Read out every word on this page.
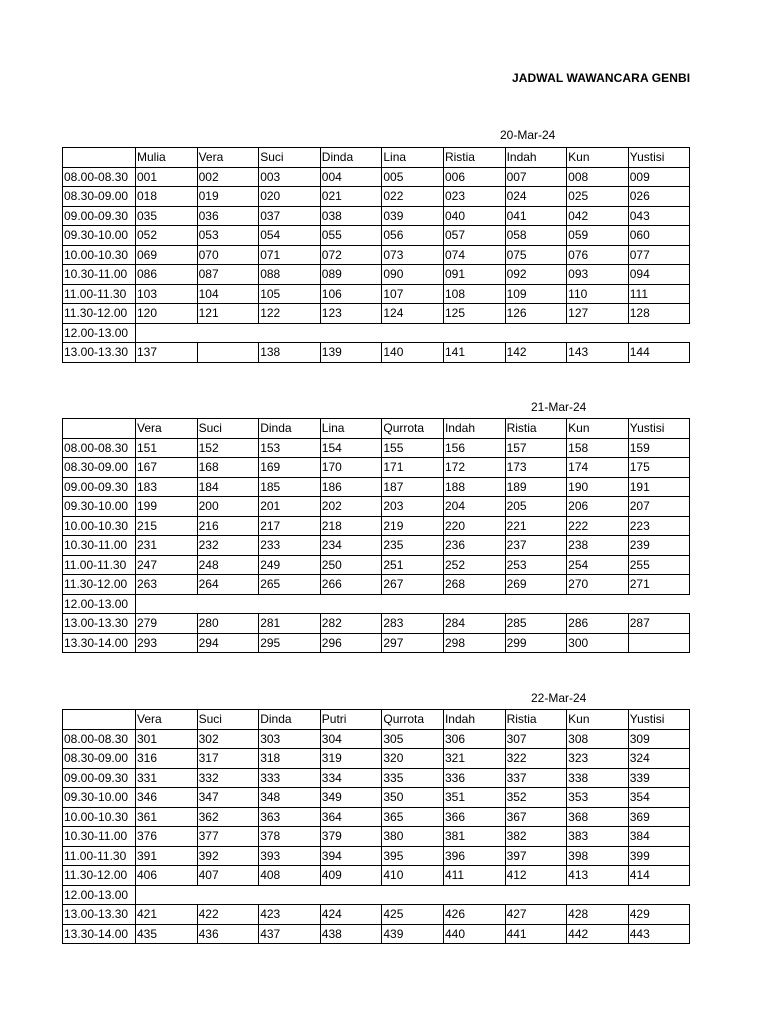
JADWAL WAWANCARA GENBI
20-Mar-24
	Mulia	Vera	Suci	Dinda	Lina	Ristia	Indah	Kun	Yustisi
08.00-08.30	001	002	003	004	005	006	007	008	009
08.30-09.00	018	019	020	021	022	023	024	025	026
09.00-09.30	035	036	037	038	039	040	041	042	043
09.30-10.00	052	053	054	055	056	057	058	059	060
10.00-10.30	069	070	071	072	073	074	075	076	077
10.30-11.00	086	087	088	089	090	091	092	093	094
11.00-11.30	103	104	105	106	107	108	109	110	111
11.30-12.00	120	121	122	123	124	125	126	127	128
12.00-13.00									
13.00-13.30	137		138	139	140	141	142	143	144
21-Mar-24
	Vera	Suci	Dinda	Lina	Qurrota	Indah	Ristia	Kun	Yustisi
08.00-08.30	151	152	153	154	155	156	157	158	159
08.30-09.00	167	168	169	170	171	172	173	174	175
09.00-09.30	183	184	185	186	187	188	189	190	191
09.30-10.00	199	200	201	202	203	204	205	206	207
10.00-10.30	215	216	217	218	219	220	221	222	223
10.30-11.00	231	232	233	234	235	236	237	238	239
11.00-11.30	247	248	249	250	251	252	253	254	255
11.30-12.00	263	264	265	266	267	268	269	270	271
12.00-13.00									
13.00-13.30	279	280	281	282	283	284	285	286	287
13.30-14.00	293	294	295	296	297	298	299	300	
22-Mar-24
	Vera	Suci	Dinda	Putri	Qurrota	Indah	Ristia	Kun	Yustisi
08.00-08.30	301	302	303	304	305	306	307	308	309
08.30-09.00	316	317	318	319	320	321	322	323	324
09.00-09.30	331	332	333	334	335	336	337	338	339
09.30-10.00	346	347	348	349	350	351	352	353	354
10.00-10.30	361	362	363	364	365	366	367	368	369
10.30-11.00	376	377	378	379	380	381	382	383	384
11.00-11.30	391	392	393	394	395	396	397	398	399
11.30-12.00	406	407	408	409	410	411	412	413	414
12.00-13.00									
13.00-13.30	421	422	423	424	425	426	427	428	429
13.30-14.00	435	436	437	438	439	440	441	442	443
